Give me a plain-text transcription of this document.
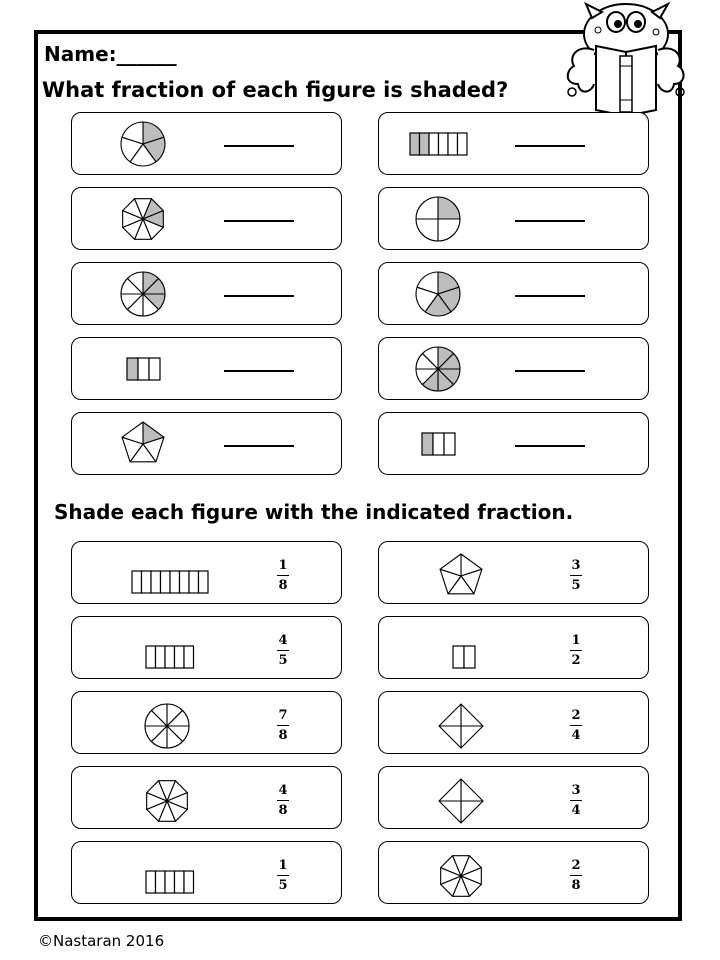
Name:______
What fraction of each figure is shaded?
Shade each figure with the indicated fraction.
©Nastaran 2016
1
8
3
5
4
5
1
2
7
8
2
4
4
8
3
4
1
5
2
8
